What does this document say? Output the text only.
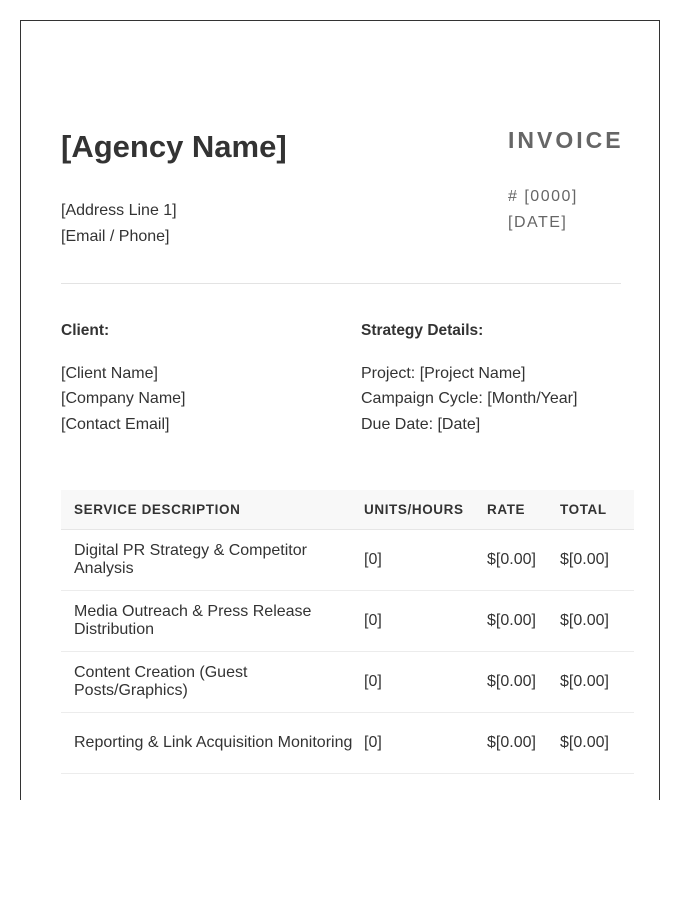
[Agency Name]
[Address Line 1]
[Email / Phone]
INVOICE
# [0000]
[DATE]
Client:
[Client Name]
[Company Name]
[Contact Email]
Strategy Details:
Project: [Project Name]
Campaign Cycle: [Month/Year]
Due Date: [Date]
SERVICE DESCRIPTION	UNITS/HOURS	RATE	TOTAL
Digital PR Strategy & Competitor Analysis	[0]	$[0.00]	$[0.00]
Media Outreach & Press Release Distribution	[0]	$[0.00]	$[0.00]
Content Creation (Guest Posts/Graphics)	[0]	$[0.00]	$[0.00]
Reporting & Link Acquisition Monitoring	[0]	$[0.00]	$[0.00]
